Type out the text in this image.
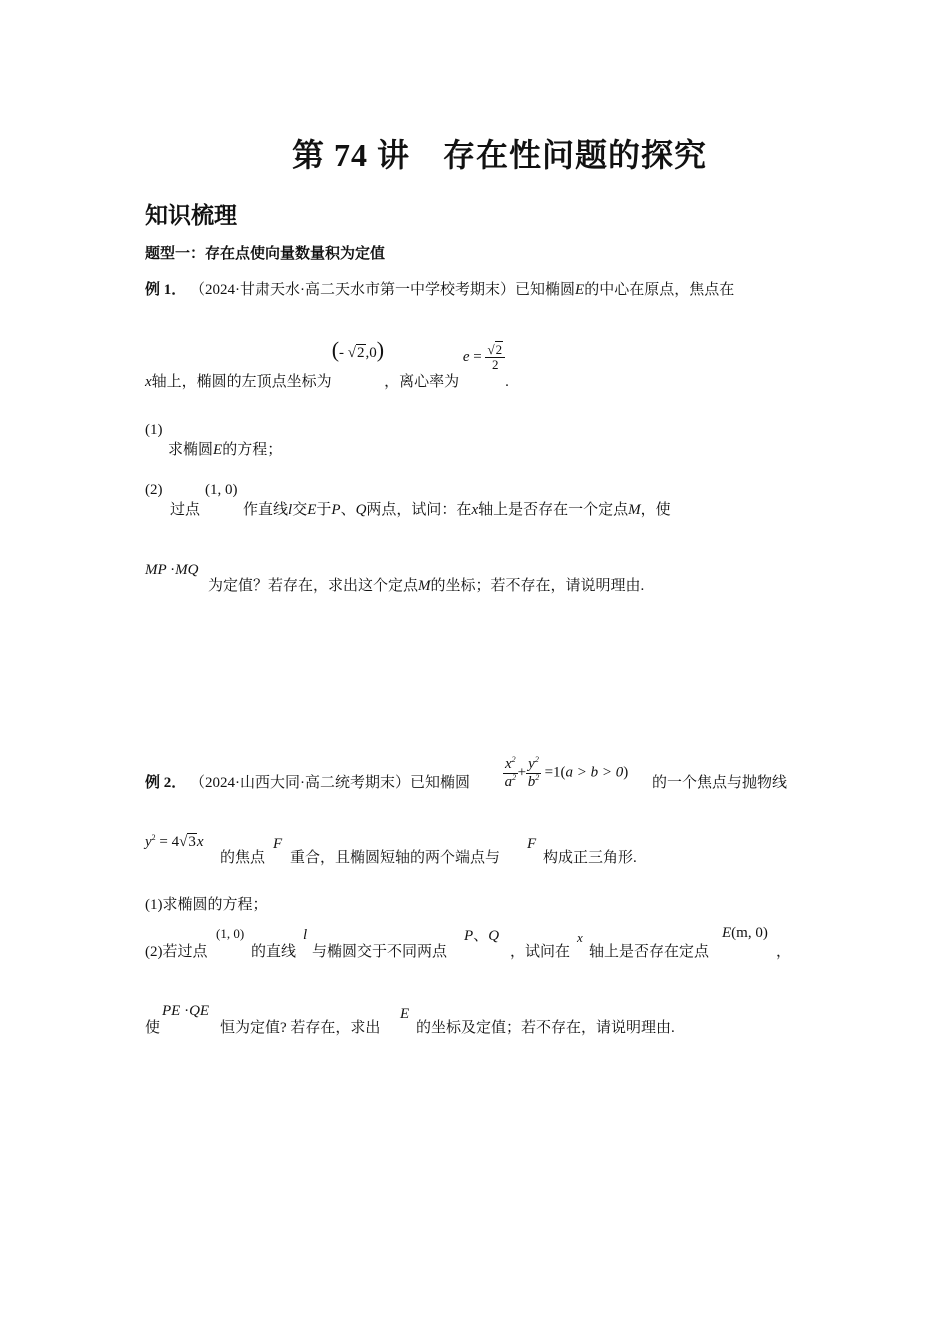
第 74 讲　存在性问题的探究
知识梳理
题型一：存在点使向量数量积为定值
例 1． （2024·甘肃天水·高二天水市第一中学校考期末）已知椭圆E的中心在原点，焦点在
x轴上，椭圆的左顶点坐标为(- √2,0)，离心率为 $e = \frac{√2}{2}$
.
(1)
求椭圆E的方程；
(2)
过点
(1, 0)
作直线l交E于P、Q两点，试问：在x轴上是否存在一个定点M，使
MP ·MQ
为定值？若存在，求出这个定点M的坐标；若不存在，请说明理由.
例 2． （2024·山西大同·高二统考期末）已知椭圆 $\frac{x^2}{a^2} + \frac{y^2}{b^2} =1(a > b > 0)$
的一个焦点与抛物线
$y^2 = 4√3x$
的焦点
F
重合，且椭圆短轴的两个端点与
F
构成正三角形.
(1)求椭圆的方程；
(2)若过点
(1, 0)
的直线
l
与椭圆交于不同两点
P、Q
，试问在
x
轴上是否存在定点
E(m, 0)
，
使
PE ·QE
恒为定值? 若存在，求出
E
的坐标及定值；若不存在，请说明理由.
